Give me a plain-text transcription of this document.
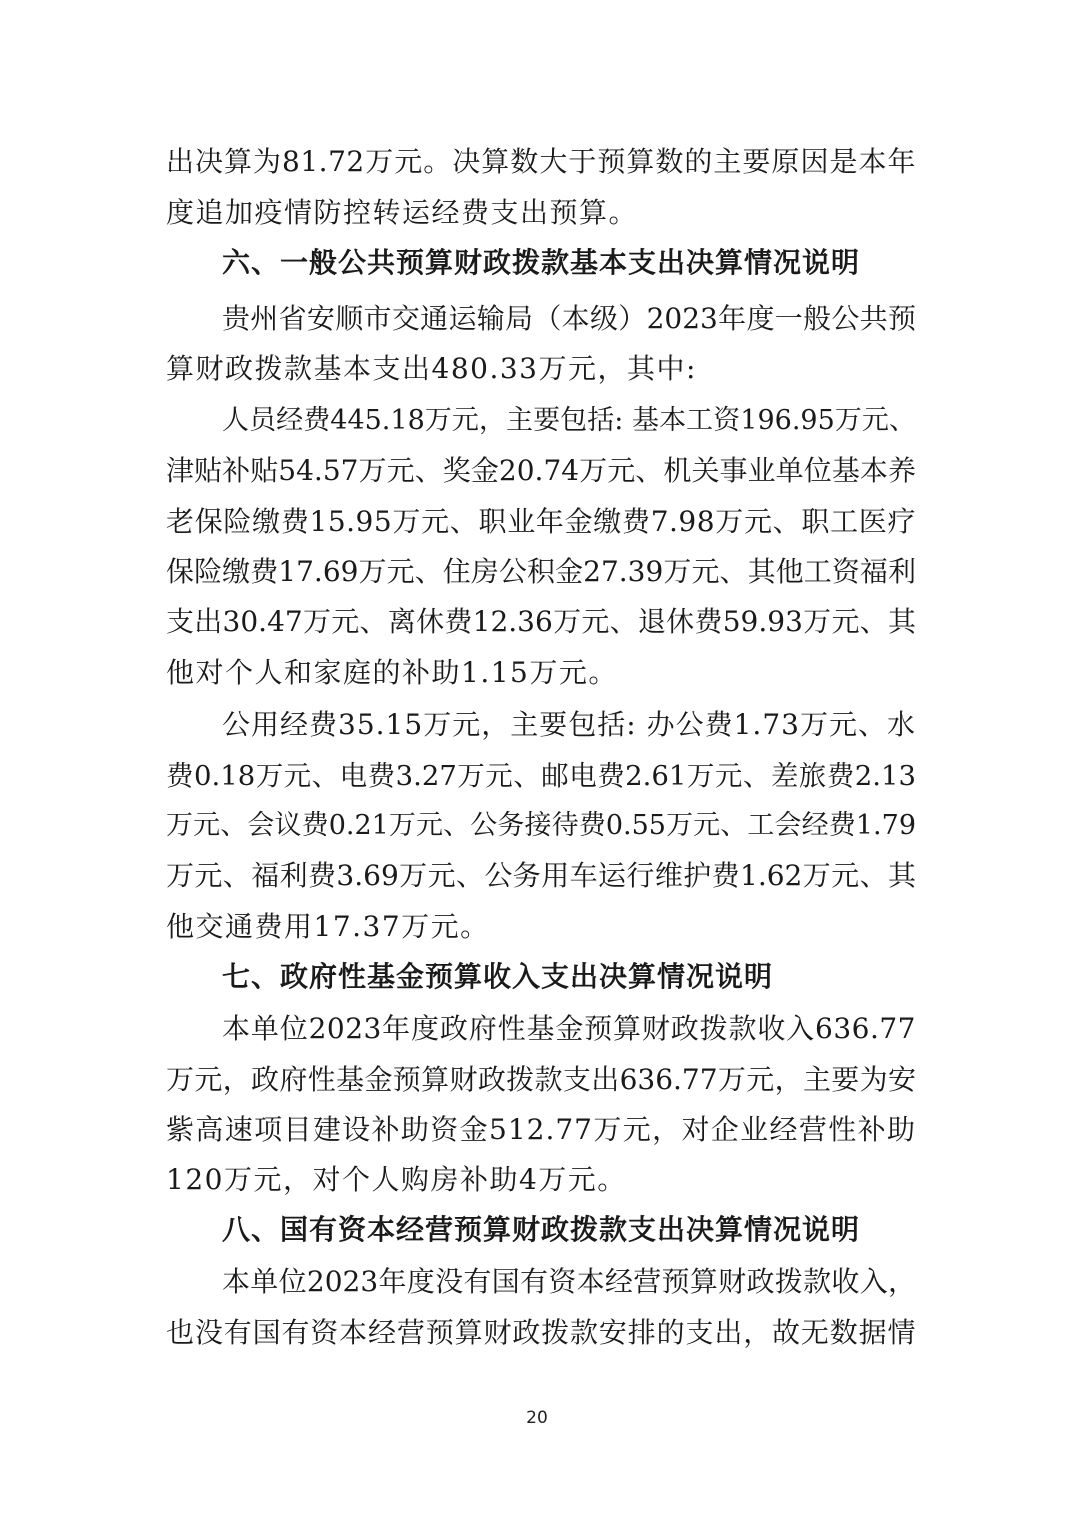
出决算为81.72万元。决算数大于预算数的主要原因是本年
度追加疫情防控转运经费支出预算。
六、一般公共预算财政拨款基本支出决算情况说明
贵州省安顺市交通运输局（本级）2023年度一般公共预
算财政拨款基本支出480.33万元，其中:
人员经费445.18万元，主要包括: 基本工资196.95万元、
津贴补贴54.57万元、奖金20.74万元、机关事业单位基本养
老保险缴费15.95万元、职业年金缴费7.98万元、职工医疗
保险缴费17.69万元、住房公积金27.39万元、其他工资福利
支出30.47万元、离休费12.36万元、退休费59.93万元、其
他对个人和家庭的补助1.15万元。
公用经费35.15万元，主要包括: 办公费1.73万元、水
费0.18万元、电费3.27万元、邮电费2.61万元、差旅费2.13
万元、会议费0.21万元、公务接待费0.55万元、工会经费1.79
万元、福利费3.69万元、公务用车运行维护费1.62万元、其
他交通费用17.37万元。
七、政府性基金预算收入支出决算情况说明
本单位2023年度政府性基金预算财政拨款收入636.77
万元，政府性基金预算财政拨款支出636.77万元，主要为安
紫高速项目建设补助资金512.77万元，对企业经营性补助
120万元，对个人购房补助4万元。
八、国有资本经营预算财政拨款支出决算情况说明
本单位2023年度没有国有资本经营预算财政拨款收入，
也没有国有资本经营预算财政拨款安排的支出，故无数据情
20
